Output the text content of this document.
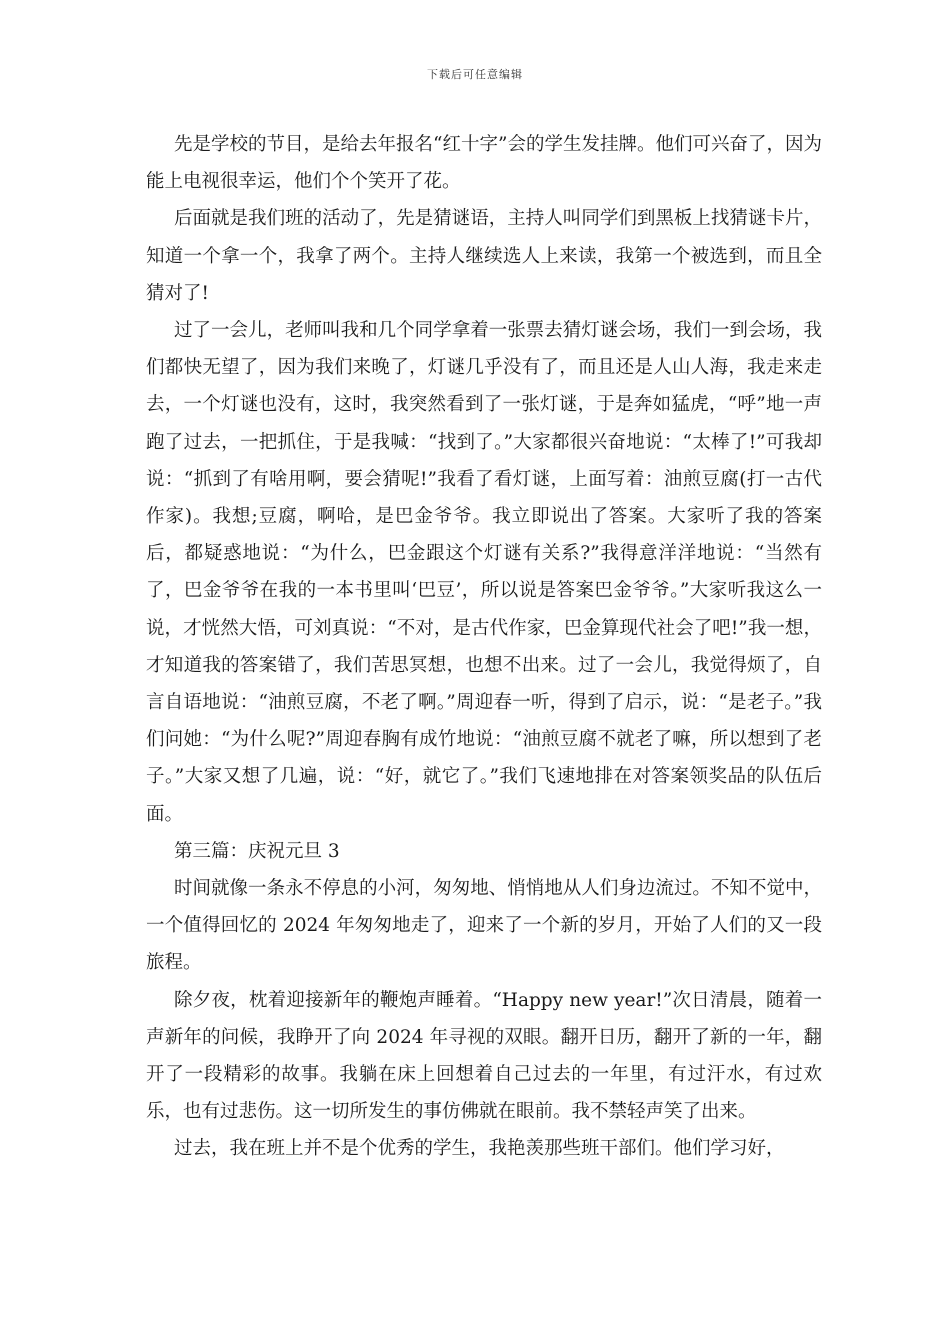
下载后可任意编辑

先是学校的节目，是给去年报名“红十字”会的学生发挂牌。他们可兴奋了，因为能上电视很幸运，他们个个笑开了花。

后面就是我们班的活动了，先是猜谜语，主持人叫同学们到黑板上找猜谜卡片，知道一个拿一个，我拿了两个。主持人继续选人上来读，我第一个被选到，而且全猜对了!

过了一会儿，老师叫我和几个同学拿着一张票去猜灯谜会场，我们一到会场，我们都快无望了，因为我们来晚了，灯谜几乎没有了，而且还是人山人海，我走来走去，一个灯谜也没有，这时，我突然看到了一张灯谜，于是奔如猛虎，“呼”地一声跑了过去，一把抓住，于是我喊：“找到了。”大家都很兴奋地说：“太棒了!”可我却说：“抓到了有啥用啊，要会猜呢!”我看了看灯谜，上面写着：油煎豆腐(打一古代作家)。我想;豆腐，啊哈，是巴金爷爷。我立即说出了答案。大家听了我的答案后，都疑惑地说：“为什么，巴金跟这个灯谜有关系?”我得意洋洋地说：“当然有了，巴金爷爷在我的一本书里叫‘巴豆’，所以说是答案巴金爷爷。”大家听我这么一说，才恍然大悟，可刘真说：“不对，是古代作家，巴金算现代社会了吧!”我一想，才知道我的答案错了，我们苦思冥想，也想不出来。过了一会儿，我觉得烦了，自言自语地说：“油煎豆腐，不老了啊。”周迎春一听，得到了启示，说：“是老子。”我们问她：“为什么呢?”周迎春胸有成竹地说：“油煎豆腐不就老了嘛，所以想到了老子。”大家又想了几遍，说：“好，就它了。”我们飞速地排在对答案领奖品的队伍后面。

第三篇：庆祝元旦 3

时间就像一条永不停息的小河，匆匆地、悄悄地从人们身边流过。不知不觉中，一个值得回忆的 2024 年匆匆地走了，迎来了一个新的岁月，开始了人们的又一段旅程。

除夕夜，枕着迎接新年的鞭炮声睡着。“Happy new year!”次日清晨，随着一声新年的问候，我睁开了向 2024 年寻视的双眼。翻开日历，翻开了新的一年，翻开了一段精彩的故事。我躺在床上回想着自己过去的一年里，有过汗水，有过欢乐，也有过悲伤。这一切所发生的事仿佛就在眼前。我不禁轻声笑了出来。

过去，我在班上并不是个优秀的学生，我艳羡那些班干部们。他们学习好，
